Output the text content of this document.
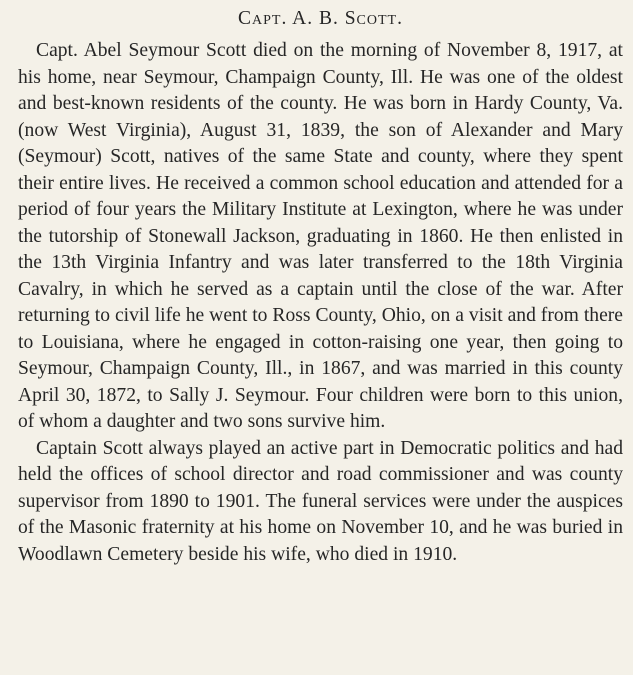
Capt. A. B. Scott.

Capt. Abel Seymour Scott died on the morning of November 8, 1917, at his home, near Seymour, Champaign County, Ill. He was one of the oldest and best-known residents of the county. He was born in Hardy County, Va. (now West Virginia), August 31, 1839, the son of Alexander and Mary (Seymour) Scott, natives of the same State and county, where they spent their entire lives. He received a common school education and attended for a period of four years the Military Institute at Lexington, where he was under the tutorship of Stonewall Jackson, graduating in 1860. He then enlisted in the 13th Virginia Infantry and was later transferred to the 18th Virginia Cavalry, in which he served as a captain until the close of the war. After returning to civil life he went to Ross County, Ohio, on a visit and from there to Louisiana, where he engaged in cotton-raising one year, then going to Seymour, Champaign County, Ill., in 1867, and was married in this county April 30, 1872, to Sally J. Seymour. Four children were born to this union, of whom a daughter and two sons survive him.

Captain Scott always played an active part in Democratic politics and had held the offices of school director and road commissioner and was county supervisor from 1890 to 1901. The funeral services were under the auspices of the Masonic fraternity at his home on November 10, and he was buried in Woodlawn Cemetery beside his wife, who died in 1910.
